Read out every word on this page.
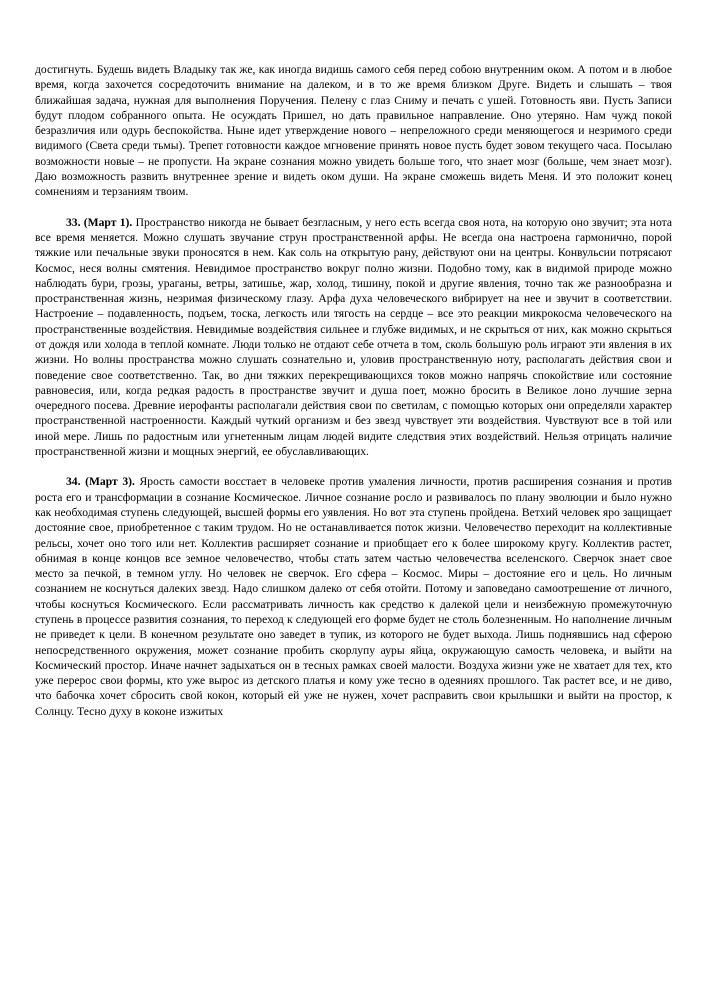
достигнуть. Будешь видеть Владыку так же, как иногда видишь самого себя перед собою внутренним оком. А потом и в любое время, когда захочется сосредоточить внимание на далеком, и в то же время близком Друге. Видеть и слышать – твоя ближайшая задача, нужная для выполнения Поручения. Пелену с глаз Сниму и печать с ушей. Готовность яви. Пусть Записи будут плодом собранного опыта. Не осуждать Пришел, но дать правильное направление. Оно утеряно. Нам чужд покой безразличия или одурь беспокойства. Ныне идет утверждение нового – непреложного среди меняющегося и незримого среди видимого (Света среди тьмы). Трепет готовности каждое мгновение принять новое пусть будет зовом текущего часа. Посылаю возможности новые – не пропусти. На экране сознания можно увидеть больше того, что знает мозг (больше, чем знает мозг). Даю возможность развить внутреннее зрение и видеть оком души. На экране сможешь видеть Меня. И это положит конец сомнениям и терзаниям твоим.

33. (Март 1). Пространство никогда не бывает безгласным, у него есть всегда своя нота, на которую оно звучит; эта нота все время меняется. Можно слушать звучание струн пространственной арфы. Не всегда она настроена гармонично, порой тяжкие или печальные звуки проносятся в нем. Как соль на открытую рану, действуют они на центры. Конвульсии потрясают Космос, неся волны смятения. Невидимое пространство вокруг полно жизни. Подобно тому, как в видимой природе можно наблюдать бури, грозы, ураганы, ветры, затишье, жар, холод, тишину, покой и другие явления, точно так же разнообразна и пространственная жизнь, незримая физическому глазу. Арфа духа человеческого вибрирует на нее и звучит в соответствии. Настроение – подавленность, подъем, тоска, легкость или тягость на сердце – все это реакции микрокосма человеческого на пространственные воздействия. Невидимые воздействия сильнее и глубже видимых, и не скрыться от них, как можно скрыться от дождя или холода в теплой комнате. Люди только не отдают себе отчета в том, сколь большую роль играют эти явления в их жизни. Но волны пространства можно слушать сознательно и, уловив пространственную ноту, располагать действия свои и поведение свое соответственно. Так, во дни тяжких перекрещивающихся токов можно напрячь спокойствие или состояние равновесия, или, когда редкая радость в пространстве звучит и душа поет, можно бросить в Великое лоно лучшие зерна очередного посева. Древние иерофанты располагали действия свои по светилам, с помощью которых они определяли характер пространственной настроенности. Каждый чуткий организм и без звезд чувствует эти воздействия. Чувствуют все в той или иной мере. Лишь по радостным или угнетенным лицам людей видите следствия этих воздействий. Нельзя отрицать наличие пространственной жизни и мощных энергий, ее обуславливающих.

34. (Март 3). Ярость самости восстает в человеке против умаления личности, против расширения сознания и против роста его и трансформации в сознание Космическое. Личное сознание росло и развивалось по плану эволюции и было нужно как необходимая ступень следующей, высшей формы его уявления. Но вот эта ступень пройдена. Ветхий человек яро защищает достояние свое, приобретенное с таким трудом. Но не останавливается поток жизни. Человечество переходит на коллективные рельсы, хочет оно того или нет. Коллектив расширяет сознание и приобщает его к более широкому кругу. Коллектив растет, обнимая в конце концов все земное человечество, чтобы стать затем частью человечества вселенского. Сверчок знает свое место за печкой, в темном углу. Но человек не сверчок. Его сфера – Космос. Миры – достояние его и цель. Но личным сознанием не коснуться далеких звезд. Надо слишком далеко от себя отойти. Потому и заповедано самоотрешение от личного, чтобы коснуться Космического. Если рассматривать личность как средство к далекой цели и неизбежную промежуточную ступень в процессе развития сознания, то переход к следующей его форме будет не столь болезненным. Но наполнение личным не приведет к цели. В конечном результате оно заведет в тупик, из которого не будет выхода. Лишь поднявшись над сферою непосредственного окружения, может сознание пробить скорлупу ауры яйца, окружающую самость человека, и выйти на Космический простор. Иначе начнет задыхаться он в тесных рамках своей малости. Воздуха жизни уже не хватает для тех, кто уже перерос свои формы, кто уже вырос из детского платья и кому уже тесно в одеяниях прошлого. Так растет все, и не диво, что бабочка хочет сбросить свой кокон, который ей уже не нужен, хочет расправить свои крылышки и выйти на простор, к Солнцу. Тесно духу в коконе изжитых
